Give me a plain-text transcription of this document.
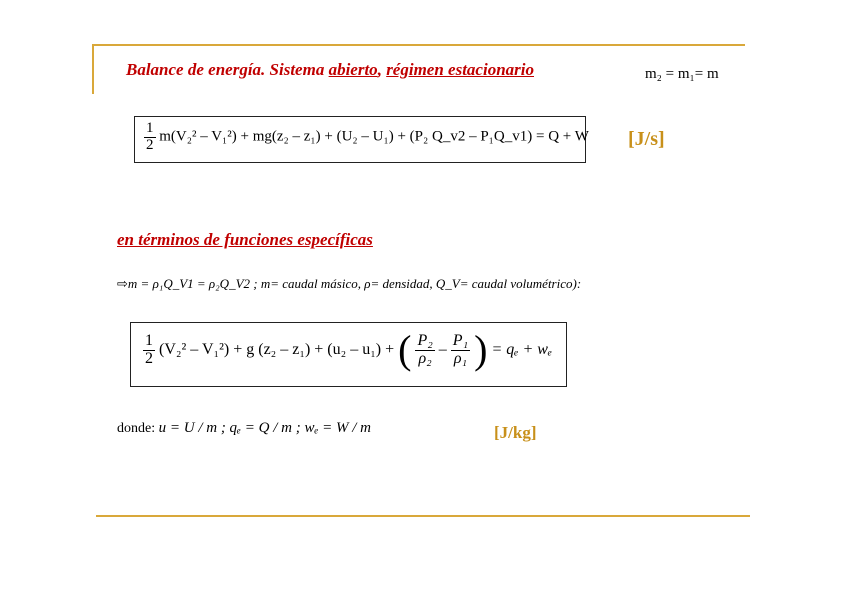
Balance de energía. Sistema abierto, régimen estacionario	m₂ = m₁= m
$\frac{1}{2} m(V_2^2 - V_1^2) + mg(z_2 - z_1) + (U_2 - U_1) + (P_2$ Q_v2 – P₁Q_v1) = Q + W [J/s]
en términos de funciones específicas
⇨m = ρ₁Q_V1 = ρ₂Q_V2 ; m= caudal másico, ρ= densidad, Q_V= caudal volumétrico):
$\frac{1}{2} (V_2^2 - V_1^2) + g$ (z₂ – z₁) + (u₂ – u₁) + ( $\frac{\text{P₂}}{\text{ρ₂}} - \frac{\text{P₁}}{\text{ρ₁}}$ ) = qₑ + wₑ
donde: u = U / m ; qₑ = Q / m ; wₑ = W / m	[J/kg]
